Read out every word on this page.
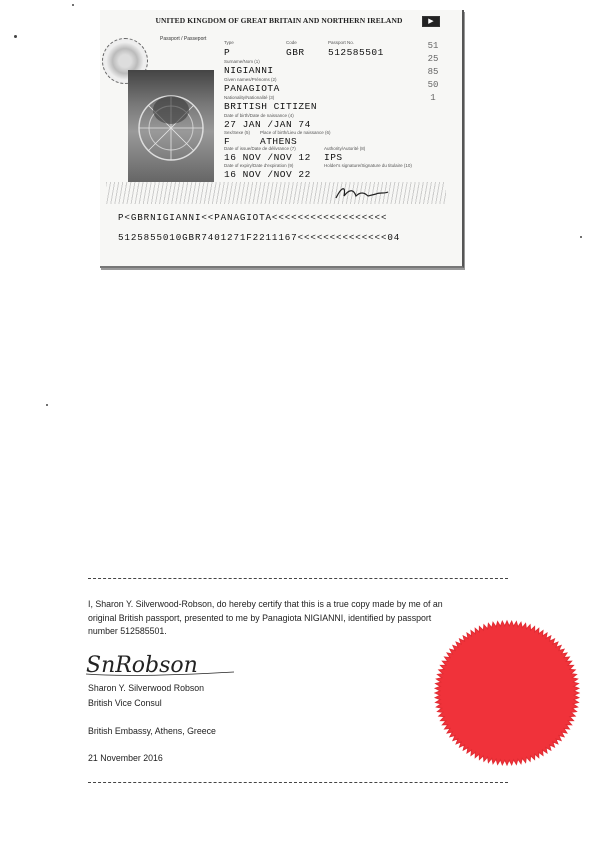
UNITED KINGDOM OF GREAT BRITAIN AND NORTHERN IRELAND	▶
Passport / Passeport
Type
P
Code
GBR
Passport No.
512585501
Surname/Nom (1)
NIGIANNI
Given names/Prénoms (2)
PANAGIOTA
Nationality/Nationalité (3)
BRITISH CITIZEN
Date of birth/Date de naissance (4)
27 JAN /JAN 74
Sex/Sexe (5) Place of birth/Lieu de naissance (6)
F	ATHENS
Date of issue/Date de délivrance (7)	Authority/Autorité (8)
16 NOV /NOV 12 IPS
Date of expiry/Date d'expiration (9)	Holder's signature/Signature du titulaire (10)
16 NOV /NOV 22
512585501
P<GBRNIGIANNI<<PANAGIOTA<<<<<<<<<<<<<<<<<<
5125855010GBR7401271F2211167<<<<<<<<<<<<<<04
I, Sharon Y. Silverwood-Robson, do hereby certify that this is a true copy made by me of an
original British passport, presented to me by Panagiota NIGIANNI, identified by passport
number 512585501.
SnRobson
Sharon Y. Silverwood Robson
British Vice Consul
British Embassy, Athens, Greece
21 November 2016
